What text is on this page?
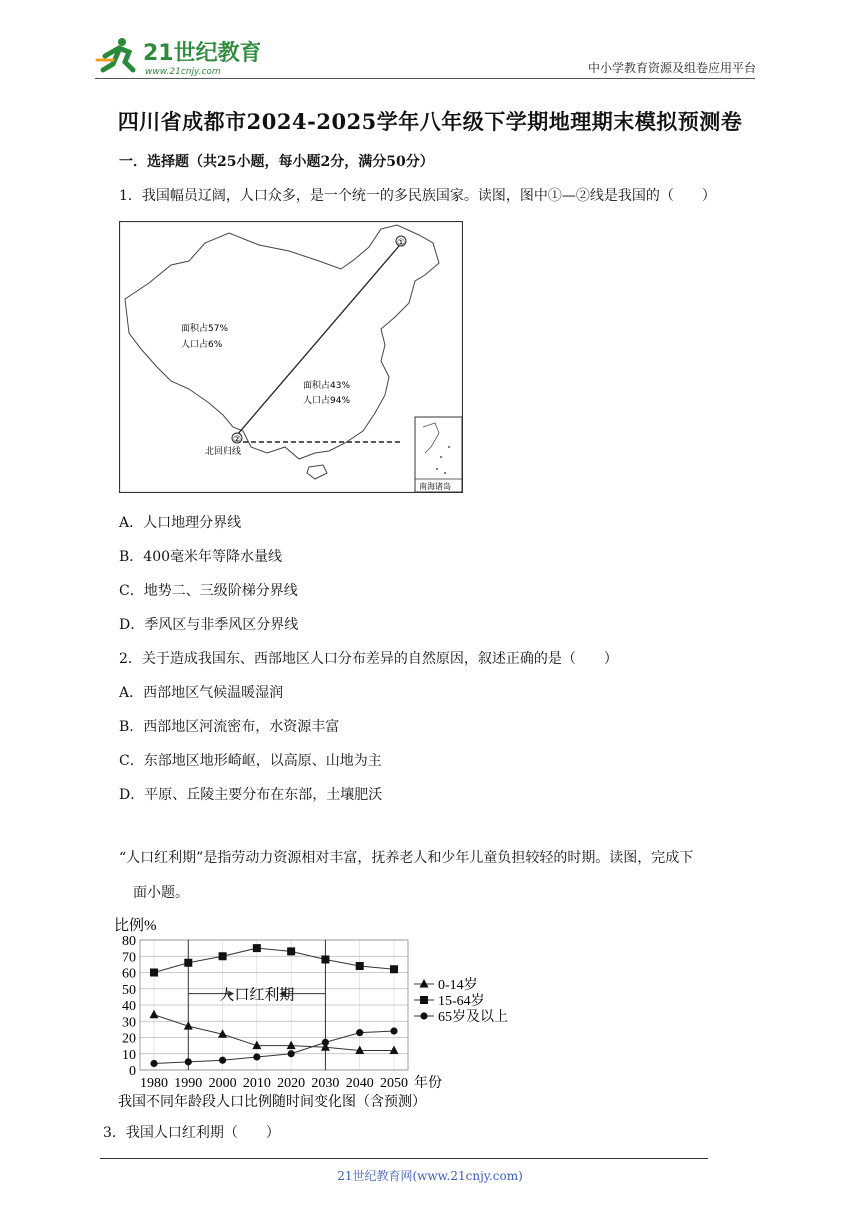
21世纪教育
www.21cnjy.com	中小学教育资源及组卷应用平台
四川省成都市2024-2025学年八年级下学期地理期末模拟预测卷
一．选择题（共25小题，每小题2分，满分50分）
1．我国幅员辽阔，人口众多，是一个统一的多民族国家。读图，图中①—②线是我国的（　　）
①
②
面积占57%
人口占6%
面积占43%
人口占94%
北回归线
南海诸岛
A．人口地理分界线
B．400毫米年等降水量线
C．地势二、三级阶梯分界线
D．季风区与非季风区分界线
2．关于造成我国东、西部地区人口分布差异的自然原因，叙述正确的是（　　）
A．西部地区气候温暖湿润
B．西部地区河流密布，水资源丰富
C．东部地区地形崎岖，以高原、山地为主
D．平原、丘陵主要分布在东部，土壤肥沃
“人口红利期”是指劳动力资源相对丰富，抚养老人和少年儿童负担较轻的时期。读图，完成下
面小题。
0
10
20
30
40
50
60
70
80
人口红利期
0-14岁
15-64岁
65岁及以上
比例%
1980 1990 2000 2010 2020 2030 2040 2050 年份
我国不同年龄段人口比例随时间变化图（含预测）
3．我国人口红利期（　　）
21世纪教育网(www.21cnjy.com)
